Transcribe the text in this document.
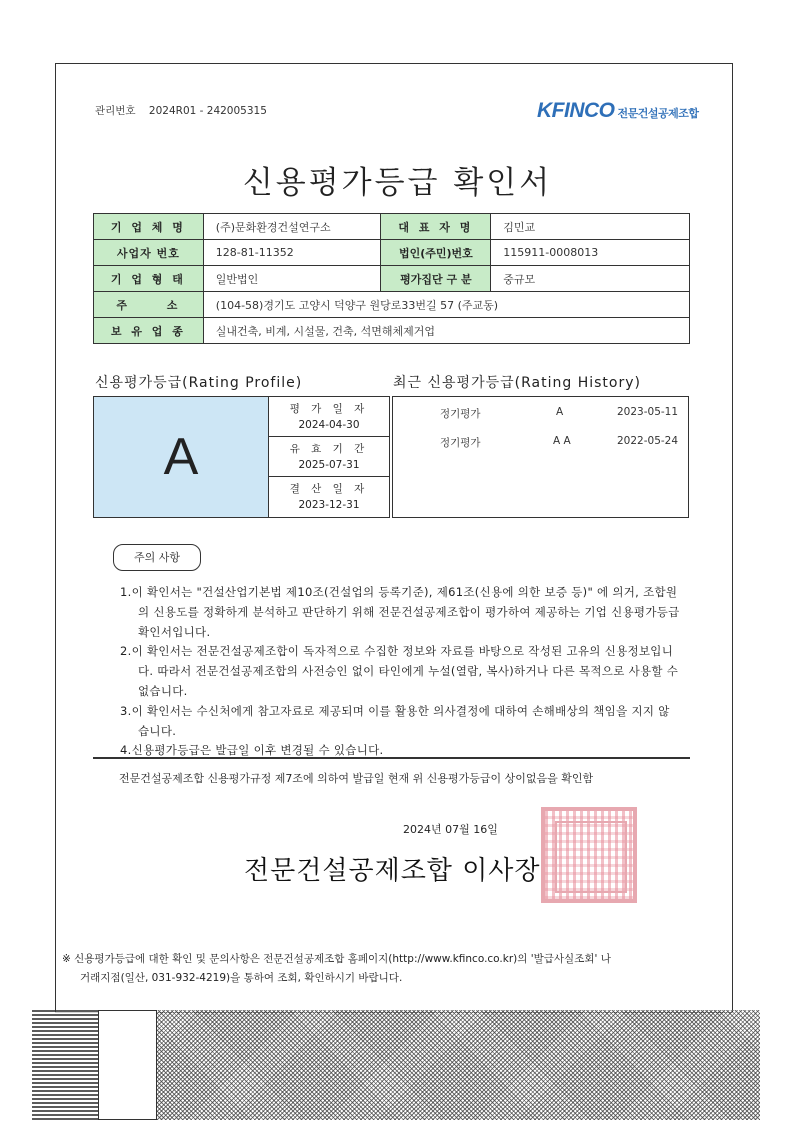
관리번호 2024R01 - 242005315	KFINCO 전문건설공제조합
신용평가등급 확인서
기 업 체 명	(주)문화환경건설연구소	대 표 자 명	김민교
사업자 번호	128-81-11352	법인(주민)번호	115911-0008013
기 업 형 태	일반법인	평가집단 구 분	중규모
주 소	(104-58)경기도 고양시 덕양구 원당로33번길 57 (주교동)		
보 유 업 종	실내건축, 비계, 시설물, 건축, 석면해체제거업		
신용평가등급(Rating Profile)	최근 신용평가등급(Rating History)
A
평 가 일 자
2024-04-30
유 효 기 간
2025-07-31
결 산 일 자
2023-12-31
정기평가	A	2023-05-11
정기평가	AA	2022-05-24
주의 사항

1.이 확인서는 "건설산업기본법 제10조(건설업의 등록기준), 제61조(신용에 의한 보증 등)" 에 의거, 조합원의 신용도를 정확하게 분석하고 판단하기 위해 전문건설공제조합이 평가하여 제공하는 기업 신용평가등급확인서입니다.

2.이 확인서는 전문건설공제조합이 독자적으로 수집한 정보와 자료를 바탕으로 작성된 고유의 신용정보입니다. 따라서 전문건설공제조합의 사전승인 없이 타인에게 누설(열람, 복사)하거나 다른 목적으로 사용할 수 없습니다.

3.이 확인서는 수신처에게 참고자료로 제공되며 이를 활용한 의사결정에 대하여 손해배상의 책임을 지지 않습니다.

4.신용평가등급은 발급일 이후 변경될 수 있습니다.

전문건설공제조합 신용평가규정 제7조에 의하여 발급일 현재 위 신용평가등급이 상이없음을 확인함
2024년 07월 16일
전문건설공제조합 이사장
※ 신용평가등급에 대한 확인 및 문의사항은 전문건설공제조합 홈페이지(http://www.kfinco.co.kr)의 '발급사실조회' 나
거래지점(일산, 031-932-4219)을 통하여 조회, 확인하시기 바랍니다.
